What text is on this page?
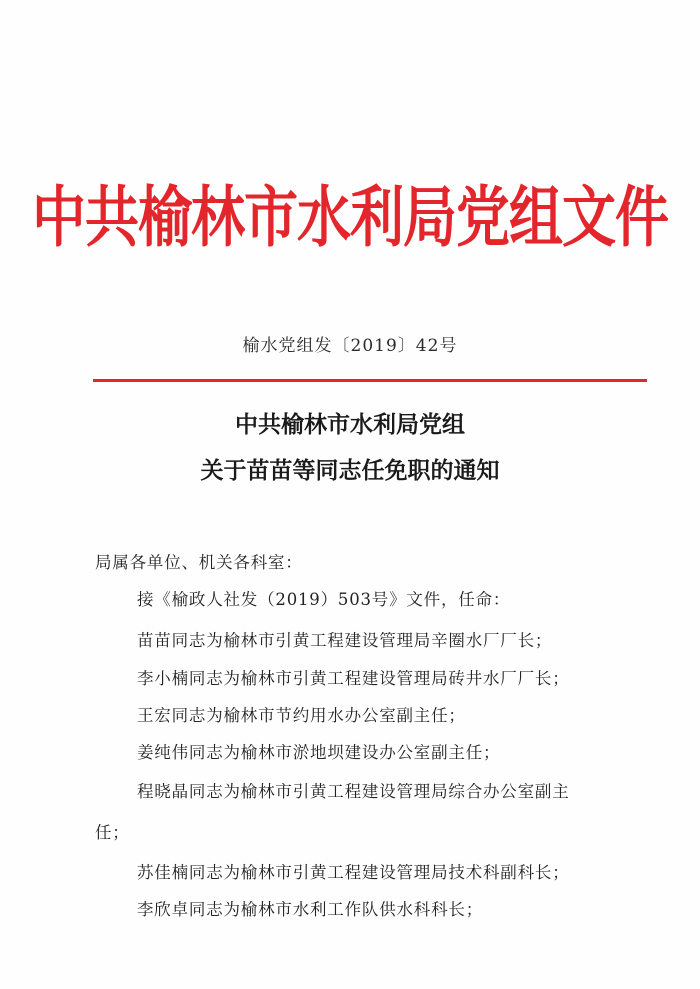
中共榆林市水利局党组文件
榆水党组发〔2019〕42号
中共榆林市水利局党组
关于苗苗等同志任免职的通知
局属各单位、机关各科室：
接《榆政人社发（2019）503号》文件，任命：
苗苗同志为榆林市引黄工程建设管理局辛圈水厂厂长；
李小楠同志为榆林市引黄工程建设管理局砖井水厂厂长；
王宏同志为榆林市节约用水办公室副主任；
姜纯伟同志为榆林市淤地坝建设办公室副主任；
程晓晶同志为榆林市引黄工程建设管理局综合办公室副主
任；
苏佳楠同志为榆林市引黄工程建设管理局技术科副科长；
李欣卓同志为榆林市水利工作队供水科科长；
